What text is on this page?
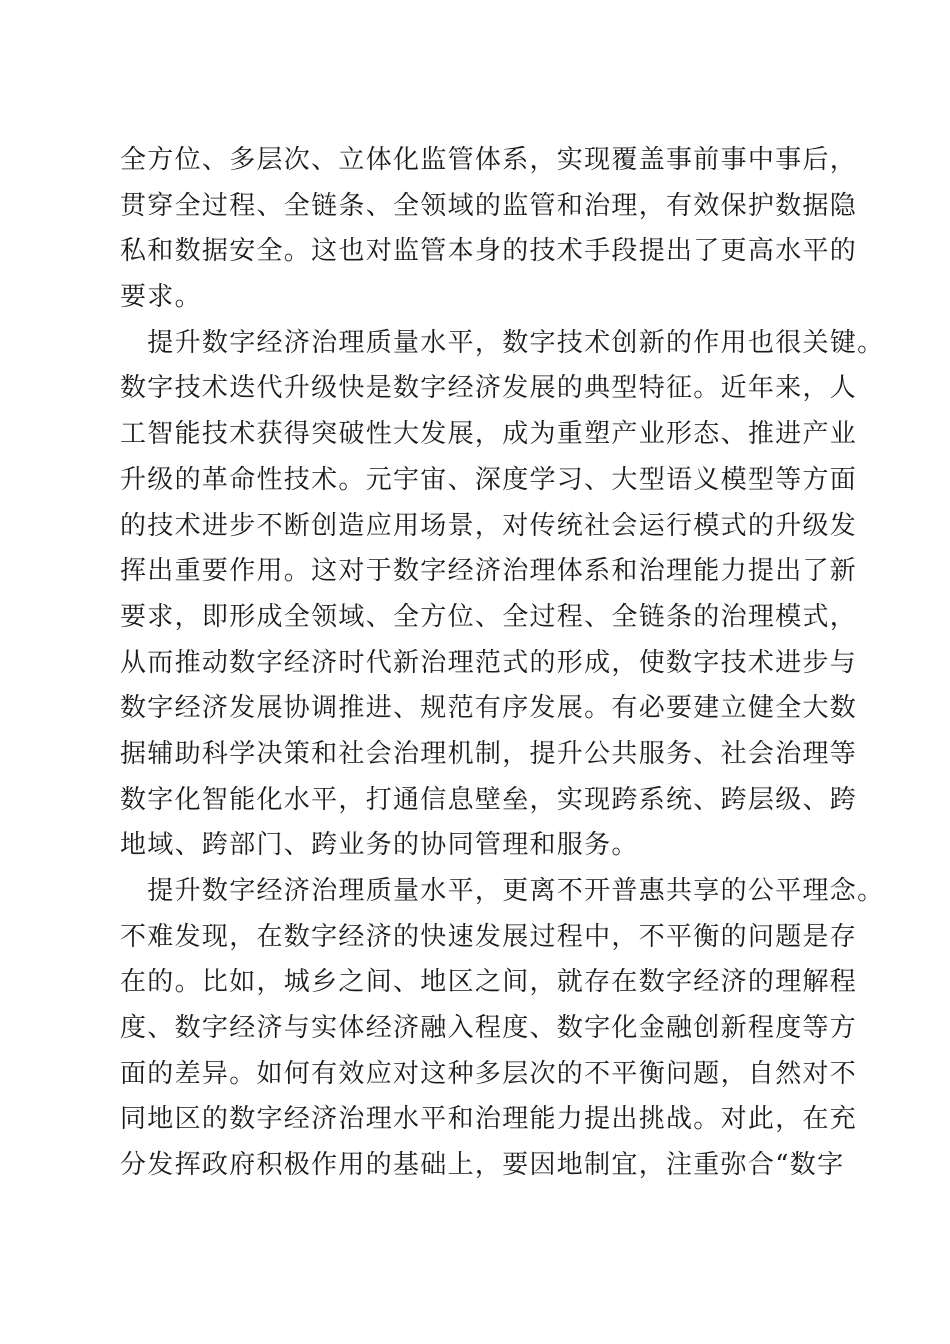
全方位、多层次、立体化监管体系，实现覆盖事前事中事后，
贯穿全过程、全链条、全领域的监管和治理，有效保护数据隐
私和数据安全。这也对监管本身的技术手段提出了更高水平的
要求。
　提升数字经济治理质量水平，数字技术创新的作用也很关键。
数字技术迭代升级快是数字经济发展的典型特征。近年来，人
工智能技术获得突破性大发展，成为重塑产业形态、推进产业
升级的革命性技术。元宇宙、深度学习、大型语义模型等方面
的技术进步不断创造应用场景，对传统社会运行模式的升级发
挥出重要作用。这对于数字经济治理体系和治理能力提出了新
要求，即形成全领域、全方位、全过程、全链条的治理模式，
从而推动数字经济时代新治理范式的形成，使数字技术进步与
数字经济发展协调推进、规范有序发展。有必要建立健全大数
据辅助科学决策和社会治理机制，提升公共服务、社会治理等
数字化智能化水平，打通信息壁垒，实现跨系统、跨层级、跨
地域、跨部门、跨业务的协同管理和服务。
　提升数字经济治理质量水平，更离不开普惠共享的公平理念。
不难发现，在数字经济的快速发展过程中，不平衡的问题是存
在的。比如，城乡之间、地区之间，就存在数字经济的理解程
度、数字经济与实体经济融入程度、数字化金融创新程度等方
面的差异。如何有效应对这种多层次的不平衡问题，自然对不
同地区的数字经济治理水平和治理能力提出挑战。对此，在充
分发挥政府积极作用的基础上，要因地制宜，注重弥合“数字
